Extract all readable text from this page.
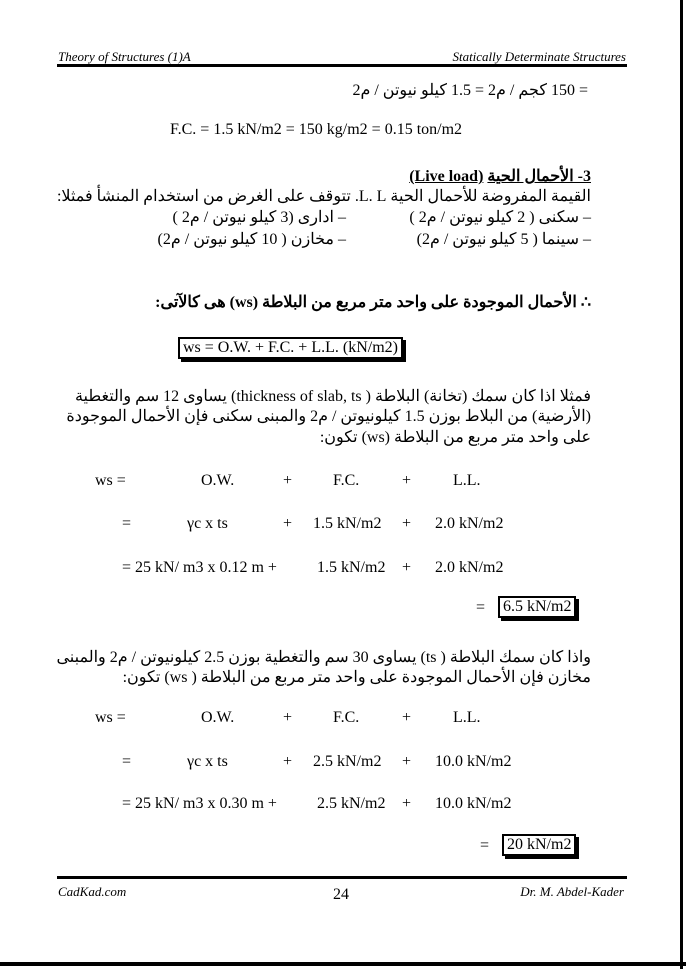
Theory of Structures (1)A	Statically Determinate Structures
= 150 كجم / م2 = 1.5 كيلو نيوتن / م2
F.C. = 1.5 kN/m2 = 150 kg/m2 = 0.15 ton/m2
3- الأحمال الحية (Live load)
القيمة المفروضة للأحمال الحية L. L. تتوقف على الغرض من استخدام المنشأ فمثلا:
– سكنى ( 2 كيلو نيوتن / م2 )
– ادارى (3 كيلو نيوتن / م2 )
– سينما ( 5 كيلو نيوتن / م2)
– مخازن ( 10 كيلو نيوتن / م2)
∴ الأحمال الموجودة على واحد متر مربع من البلاطة (ws) هى كالآتى:
ws = O.W. + F.C. + L.L. (kN/m2)
فمثلا اذا كان سمك (تخانة) البلاطة ( thickness of slab, ts) يساوى 12 سم والتغطية
(الأرضية) من البلاط بوزن 1.5 كيلونيوتن / م2 والمبنى سكنى فإن الأحمال الموجودة
على واحد متر مربع من البلاطة (ws) تكون:
ws =	O.W.	+	F.C.	+	L.L.
=	γc x ts	+ 1.5 kN/m2 + 2.0 kN/m2
= 25 kN/ m3 x 0.12 m +	1.5 kN/m2 + 2.0 kN/m2
=	6.5 kN/m2
واذا كان سمك البلاطة ( ts) يساوى 30 سم والتغطية بوزن 2.5 كيلونيوتن / م2 والمبنى
مخازن فإن الأحمال الموجودة على واحد متر مربع من البلاطة ( ws) تكون:
ws =	O.W.	+	F.C.	+	L.L.
=	γc x ts	+ 2.5 kN/m2 + 10.0 kN/m2
= 25 kN/ m3 x 0.30 m +	2.5 kN/m2 + 10.0 kN/m2
=	20 kN/m2
CadKad.com	24	Dr. M. Abdel-Kader
